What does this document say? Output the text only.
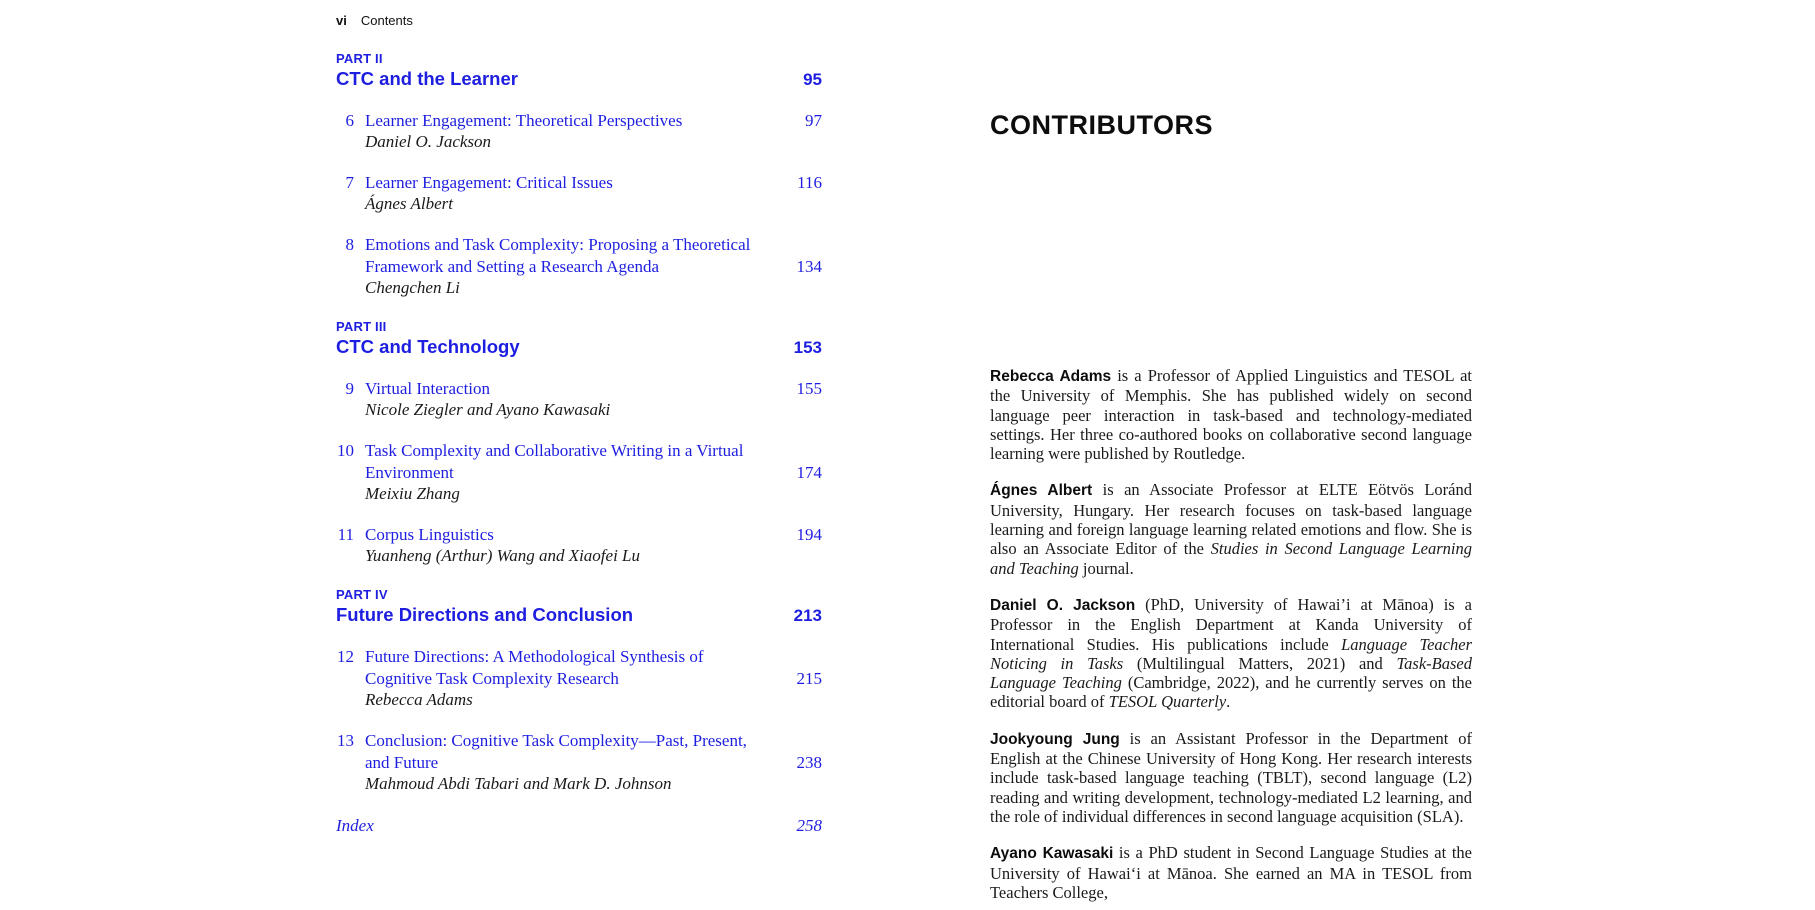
vi Contents
PART II
CTC and the Learner	95
6 Learner Engagement: Theoretical Perspectives	97
Daniel O. Jackson
7 Learner Engagement: Critical Issues	116
Ágnes Albert
8 Emotions and Task Complexity: Proposing a Theoretical
Framework and Setting a Research Agenda	134
Chengchen Li
PART III
CTC and Technology	153
9 Virtual Interaction	155
Nicole Ziegler and Ayano Kawasaki
10 Task Complexity and Collaborative Writing in a Virtual
Environment	174
Meixiu Zhang
11 Corpus Linguistics	194
Yuanheng (Arthur) Wang and Xiaofei Lu
PART IV
Future Directions and Conclusion	213
12 Future Directions: A Methodological Synthesis of
Cognitive Task Complexity Research	215
Rebecca Adams
13 Conclusion: Cognitive Task Complexity—Past, Present,
and Future	238
Mahmoud Abdi Tabari and Mark D. Johnson
Index	258
CONTRIBUTORS

Rebecca Adams is a Professor of Applied Linguistics and TESOL at the University of Memphis. She has published widely on second language peer interaction in task-based and technology-mediated settings. Her three co-authored books on collaborative second language learning were published by Routledge.

Ágnes Albert is an Associate Professor at ELTE Eötvös Loránd University, Hungary. Her research focuses on task-based language learning and foreign language learning related emotions and flow. She is also an Associate Editor of the Studies in Second Language Learning and Teaching journal.

Daniel O. Jackson (PhD, University of Hawai’i at Mānoa) is a Professor in the English Department at Kanda University of International Studies. His publications include Language Teacher Noticing in Tasks (Multilingual Matters, 2021) and Task-Based Language Teaching (Cambridge, 2022), and he currently serves on the editorial board of TESOL Quarterly.

Jookyoung Jung is an Assistant Professor in the Department of English at the Chinese University of Hong Kong. Her research interests include task-based language teaching (TBLT), second language (L2) reading and writing development, technology-mediated L2 learning, and the role of individual differences in second language acquisition (SLA).

Ayano Kawasaki is a PhD student in Second Language Studies at the University of Hawaiʻi at Mānoa. She earned an MA in TESOL from Teachers College,
